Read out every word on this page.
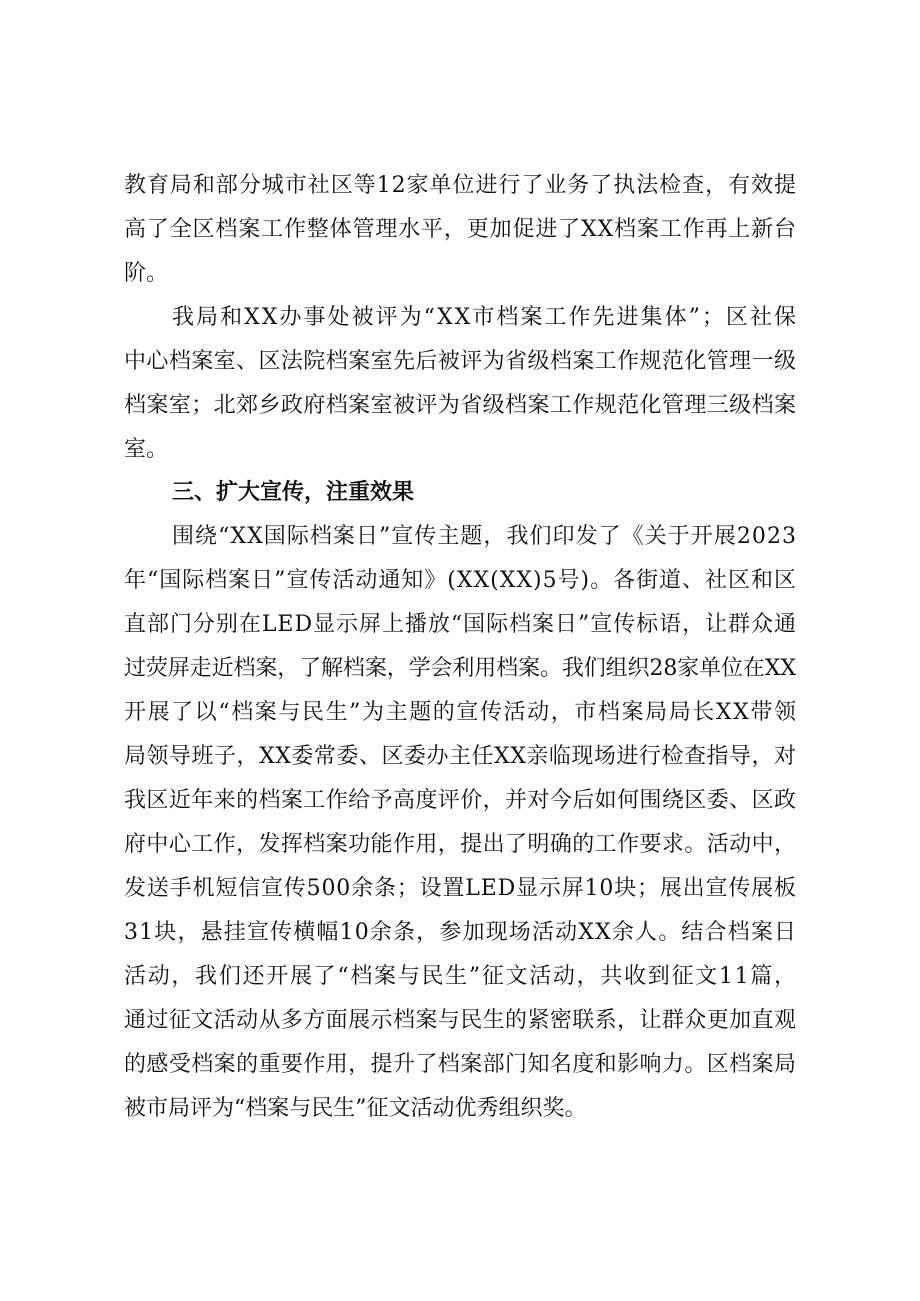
教育局和部分城市社区等12家单位进行了业务了执法检查，有效提

高了全区档案工作整体管理水平，更加促进了XX档案工作再上新台

阶。

我局和XX办事处被评为“XX市档案工作先进集体”；区社保

中心档案室、区法院档案室先后被评为省级档案工作规范化管理一级

档案室；北郊乡政府档案室被评为省级档案工作规范化管理三级档案

室。

三、扩大宣传，注重效果

围绕“XX国际档案日”宣传主题，我们印发了《关于开展2023

年“国际档案日”宣传活动通知》(XX(XX)5号)。各街道、社区和区

直部门分别在LED显示屏上播放“国际档案日”宣传标语，让群众通

过荧屏走近档案，了解档案，学会利用档案。我们组织28家单位在XX

开展了以“档案与民生”为主题的宣传活动，市档案局局长XX带领

局领导班子，XX委常委、区委办主任XX亲临现场进行检查指导，对

我区近年来的档案工作给予高度评价，并对今后如何围绕区委、区政

府中心工作，发挥档案功能作用，提出了明确的工作要求。活动中，

发送手机短信宣传500余条；设置LED显示屏10块；展出宣传展板

31块，悬挂宣传横幅10余条，参加现场活动XX余人。结合档案日

活动，我们还开展了“档案与民生”征文活动，共收到征文11篇，

通过征文活动从多方面展示档案与民生的紧密联系，让群众更加直观

的感受档案的重要作用，提升了档案部门知名度和影响力。区档案局

被市局评为“档案与民生”征文活动优秀组织奖。
